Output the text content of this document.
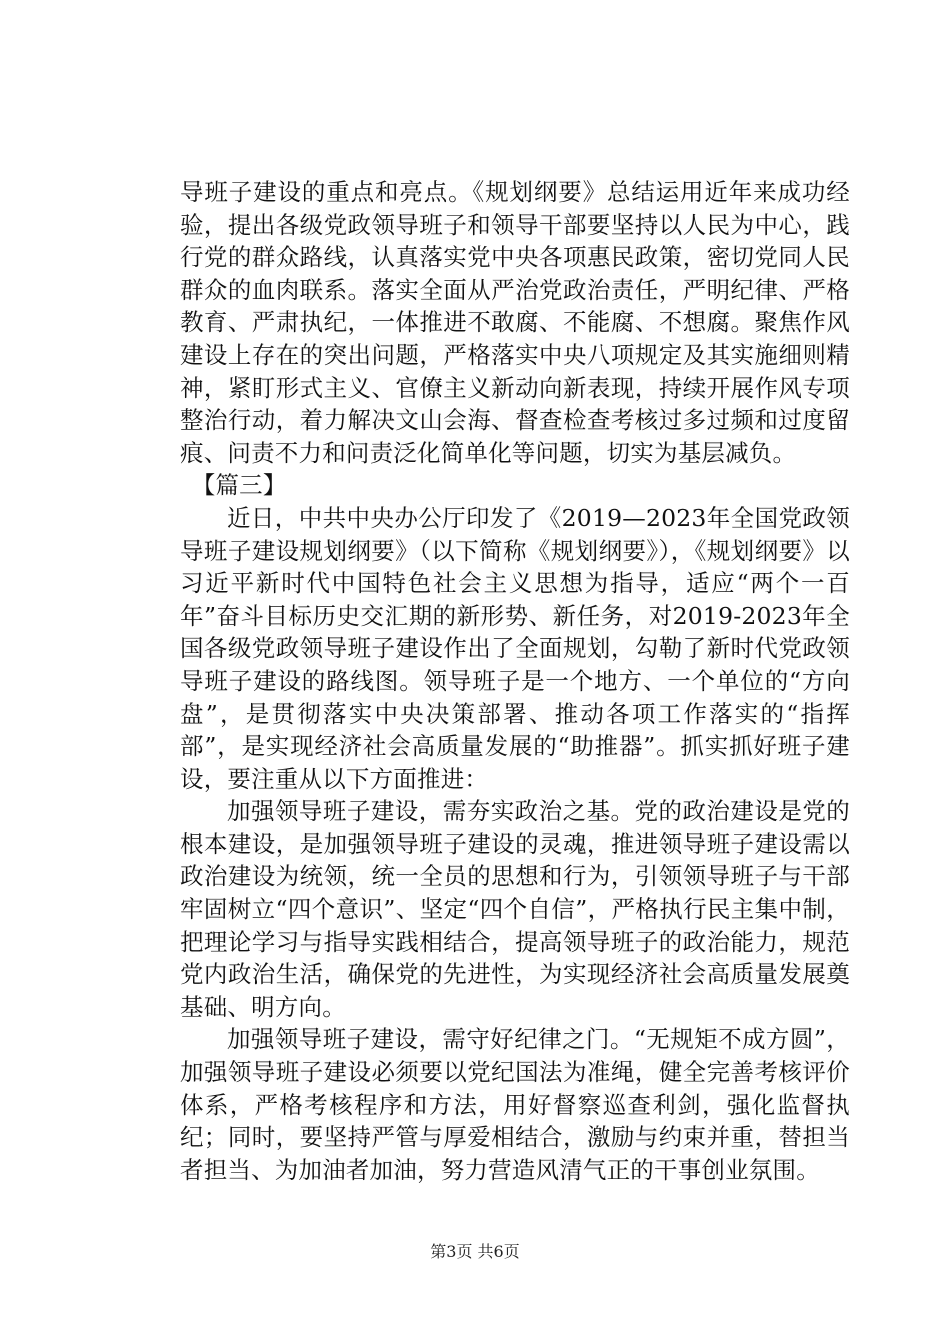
导班子建设的重点和亮点。《规划纲要》总结运用近年来成功经验，提出各级党政领导班子和领导干部要坚持以人民为中心，践行党的群众路线，认真落实党中央各项惠民政策，密切党同人民群众的血肉联系。落实全面从严治党政治责任，严明纪律、严格教育、严肃执纪，一体推进不敢腐、不能腐、不想腐。聚焦作风建设上存在的突出问题，严格落实中央八项规定及其实施细则精神，紧盯形式主义、官僚主义新动向新表现，持续开展作风专项整治行动，着力解决文山会海、督查检查考核过多过频和过度留痕、问责不力和问责泛化简单化等问题，切实为基层减负。

【篇三】

近日，中共中央办公厅印发了《2019—2023年全国党政领导班子建设规划纲要》（以下简称《规划纲要》），《规划纲要》以习近平新时代中国特色社会主义思想为指导，适应“两个一百年”奋斗目标历史交汇期的新形势、新任务，对2019-2023年全国各级党政领导班子建设作出了全面规划，勾勒了新时代党政领导班子建设的路线图。领导班子是一个地方、一个单位的“方向盘”，是贯彻落实中央决策部署、推动各项工作落实的“指挥部”，是实现经济社会高质量发展的“助推器”。抓实抓好班子建设，要注重从以下方面推进：

加强领导班子建设，需夯实政治之基。党的政治建设是党的根本建设，是加强领导班子建设的灵魂，推进领导班子建设需以政治建设为统领，统一全员的思想和行为，引领领导班子与干部牢固树立“四个意识”、坚定“四个自信”，严格执行民主集中制，把理论学习与指导实践相结合，提高领导班子的政治能力，规范党内政治生活，确保党的先进性，为实现经济社会高质量发展奠基础、明方向。

加强领导班子建设，需守好纪律之门。“无规矩不成方圆”，加强领导班子建设必须要以党纪国法为准绳，健全完善考核评价体系，严格考核程序和方法，用好督察巡查利剑，强化监督执纪；同时，要坚持严管与厚爱相结合，激励与约束并重，替担当者担当、为加油者加油，努力营造风清气正的干事创业氛围。

第3页 共6页
